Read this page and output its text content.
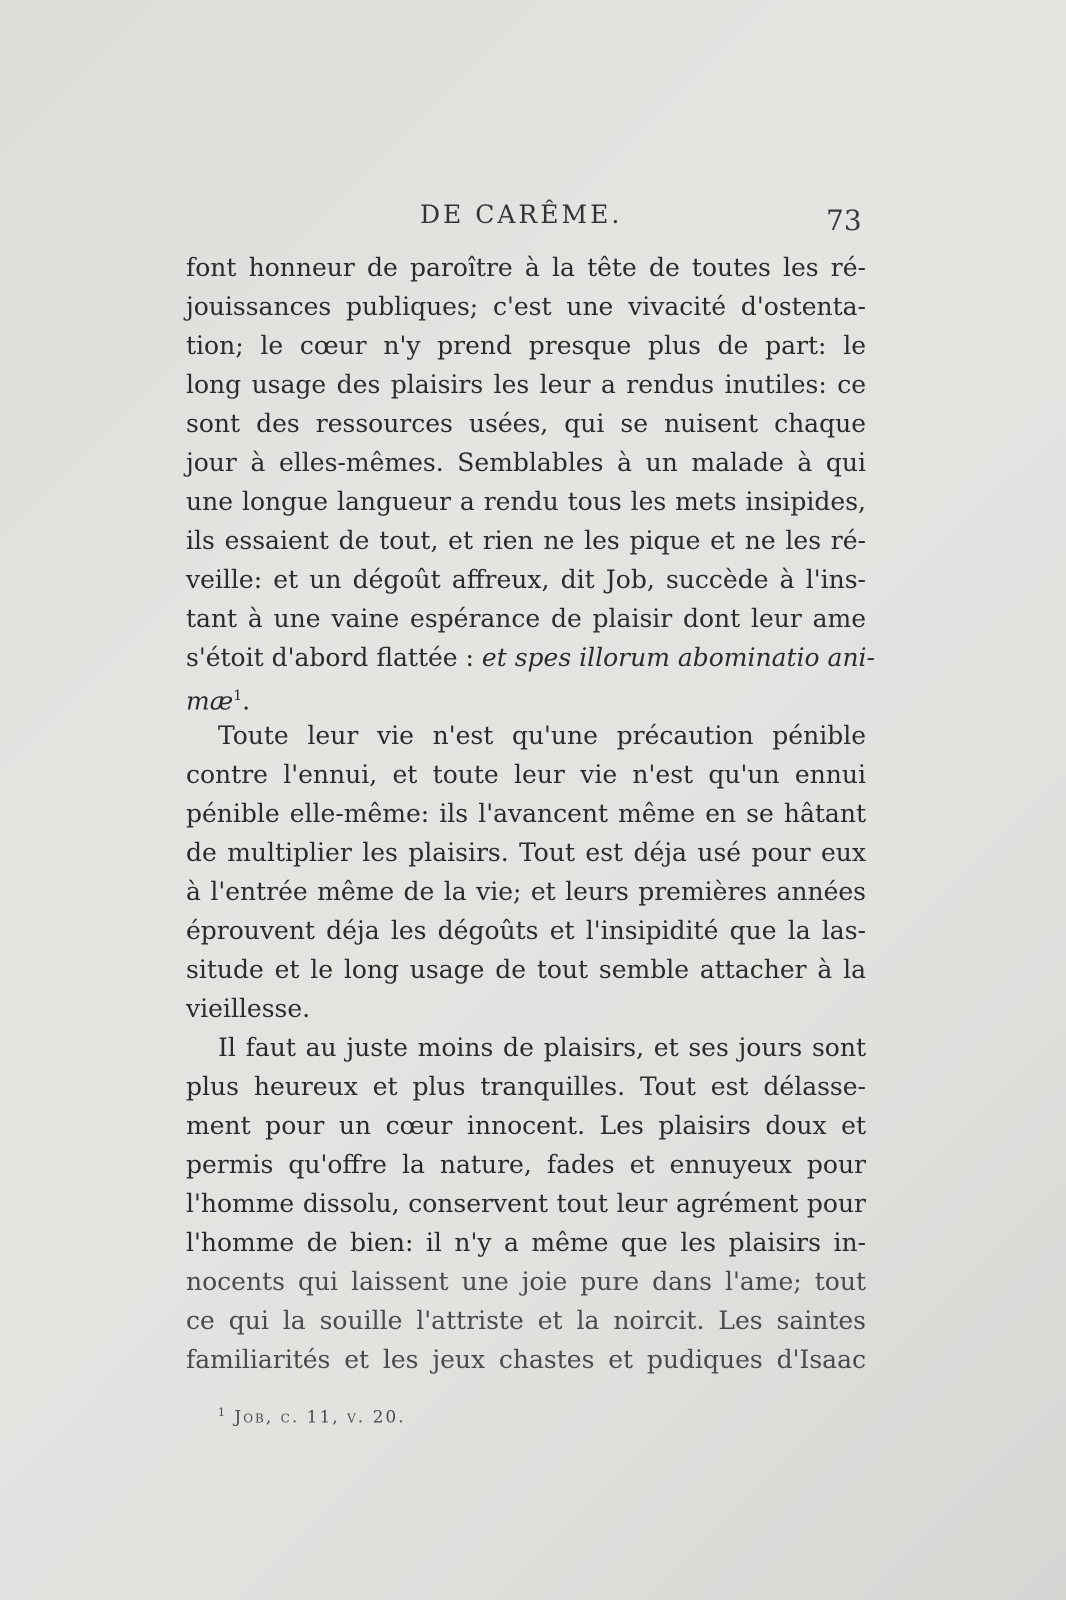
DE CARÊME.	73
font honneur de paroître à la tête de toutes les ré-
jouissances publiques; c'est une vivacité d'ostenta-
tion; le cœur n'y prend presque plus de part: le
long usage des plaisirs les leur a rendus inutiles: ce
sont des ressources usées, qui se nuisent chaque
jour à elles-mêmes. Semblables à un malade à qui
une longue langueur a rendu tous les mets insipides,
ils essaient de tout, et rien ne les pique et ne les ré-
veille: et un dégoût affreux, dit Job, succède à l'ins-
tant à une vaine espérance de plaisir dont leur ame
s'étoit d'abord flattée : et spes illorum abominatio ani-
$mæ^1$.
Toute leur vie n'est qu'une précaution pénible
contre l'ennui, et toute leur vie n'est qu'un ennui
pénible elle-même: ils l'avancent même en se hâtant
de multiplier les plaisirs. Tout est déja usé pour eux
à l'entrée même de la vie; et leurs premières années
éprouvent déja les dégoûts et l'insipidité que la las-
situde et le long usage de tout semble attacher à la
vieillesse.
Il faut au juste moins de plaisirs, et ses jours sont
plus heureux et plus tranquilles. Tout est délasse-
ment pour un cœur innocent. Les plaisirs doux et
permis qu'offre la nature, fades et ennuyeux pour
l'homme dissolu, conservent tout leur agrément pour
l'homme de bien: il n'y a même que les plaisirs in-
nocents qui laissent une joie pure dans l'ame; tout
ce qui la souille l'attriste et la noircit. Les saintes
familiarités et les jeux chastes et pudiques d'Isaac
$^1$ Job, c. 11, v. 20.
